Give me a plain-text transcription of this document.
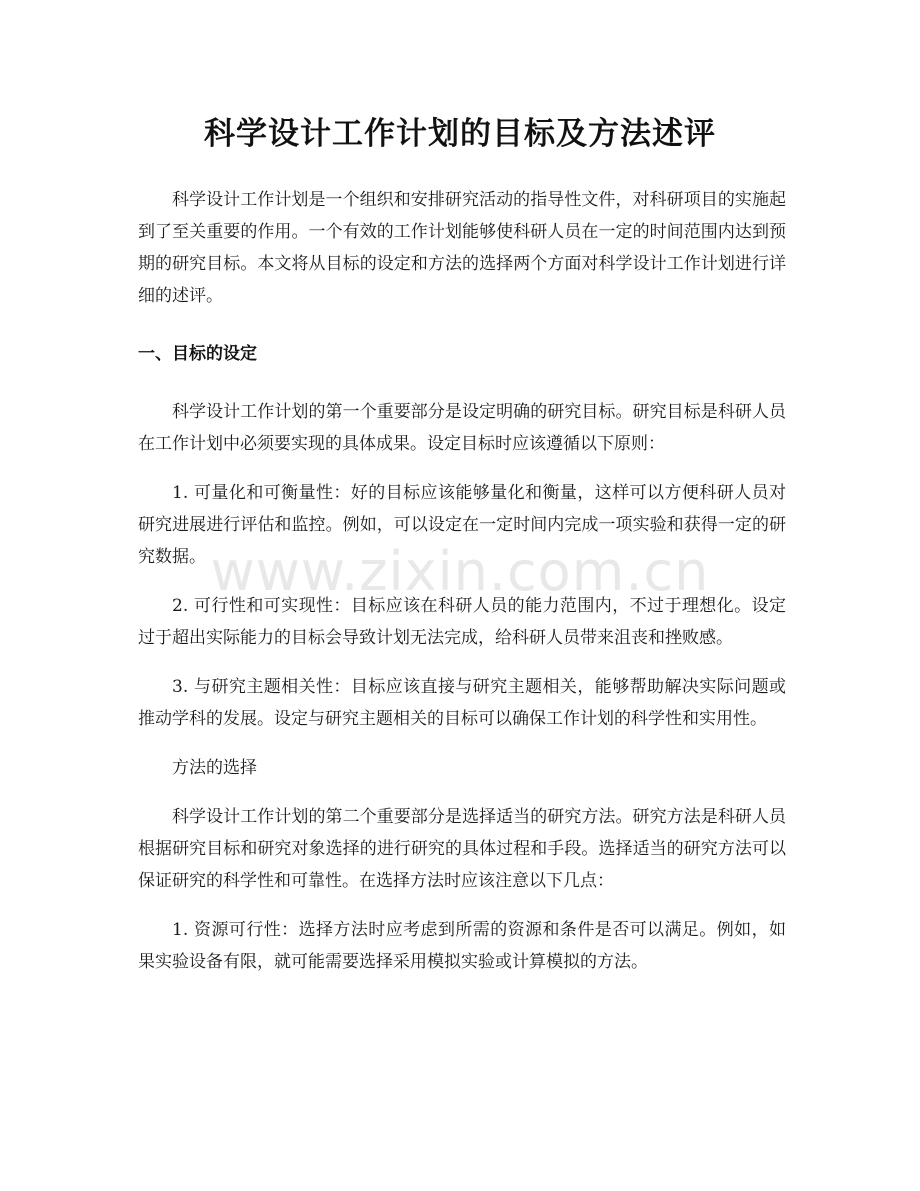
科学设计工作计划的目标及方法述评

科学设计工作计划是一个组织和安排研究活动的指导性文件，对科研项目的实施起到了至关重要的作用。一个有效的工作计划能够使科研人员在一定的时间范围内达到预期的研究目标。本文将从目标的设定和方法的选择两个方面对科学设计工作计划进行详细的述评。

一、目标的设定

科学设计工作计划的第一个重要部分是设定明确的研究目标。研究目标是科研人员在工作计划中必须要实现的具体成果。设定目标时应该遵循以下原则：

1. 可量化和可衡量性：好的目标应该能够量化和衡量，这样可以方便科研人员对研究进展进行评估和监控。例如，可以设定在一定时间内完成一项实验和获得一定的研究数据。

2. 可行性和可实现性：目标应该在科研人员的能力范围内，不过于理想化。设定过于超出实际能力的目标会导致计划无法完成，给科研人员带来沮丧和挫败感。

3. 与研究主题相关性：目标应该直接与研究主题相关，能够帮助解决实际问题或推动学科的发展。设定与研究主题相关的目标可以确保工作计划的科学性和实用性。

方法的选择

科学设计工作计划的第二个重要部分是选择适当的研究方法。研究方法是科研人员根据研究目标和研究对象选择的进行研究的具体过程和手段。选择适当的研究方法可以保证研究的科学性和可靠性。在选择方法时应该注意以下几点：

1. 资源可行性：选择方法时应考虑到所需的资源和条件是否可以满足。例如，如果实验设备有限，就可能需要选择采用模拟实验或计算模拟的方法。

www.zixin.com.cn
